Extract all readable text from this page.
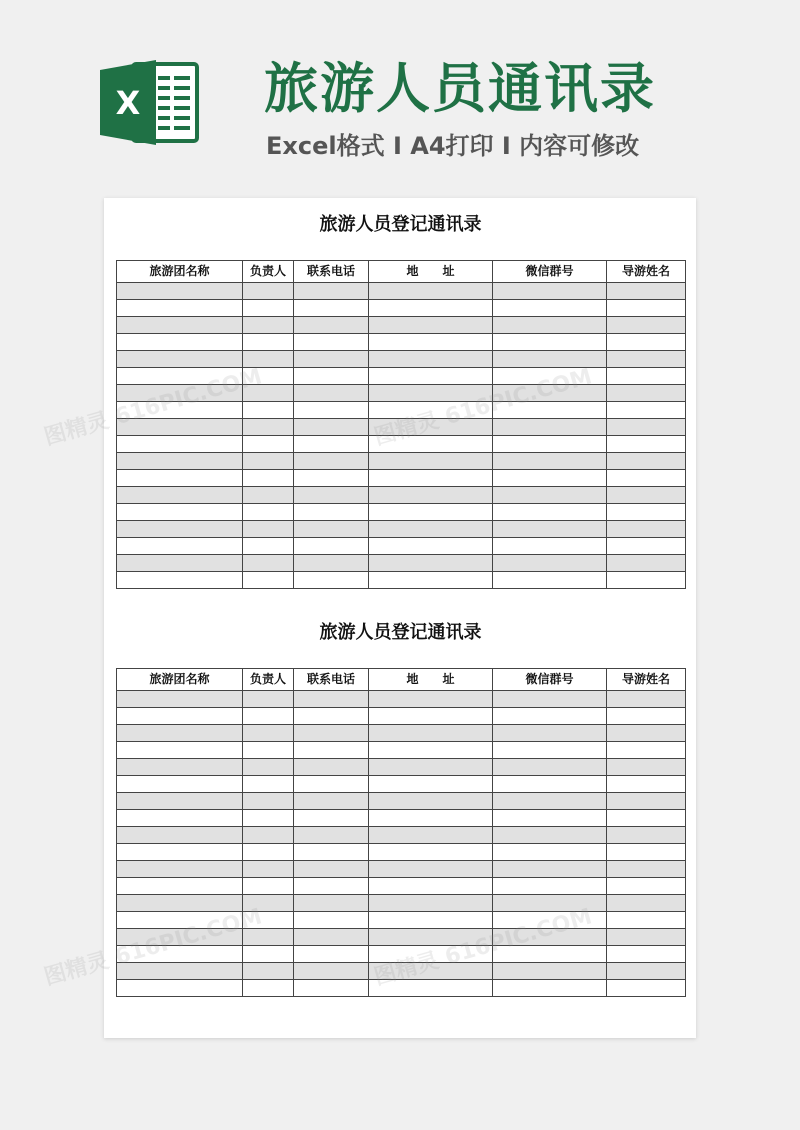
X 旅游人员通讯录
Excel格式 I A4打印 I 内容可修改
旅游人员登记通讯录
旅游团名称	负责人	联系电话	地　　址	微信群号	导游姓名

旅游人员登记通讯录
旅游团名称	负责人	联系电话	地　　址	微信群号	导游姓名

图精灵
图精灵
